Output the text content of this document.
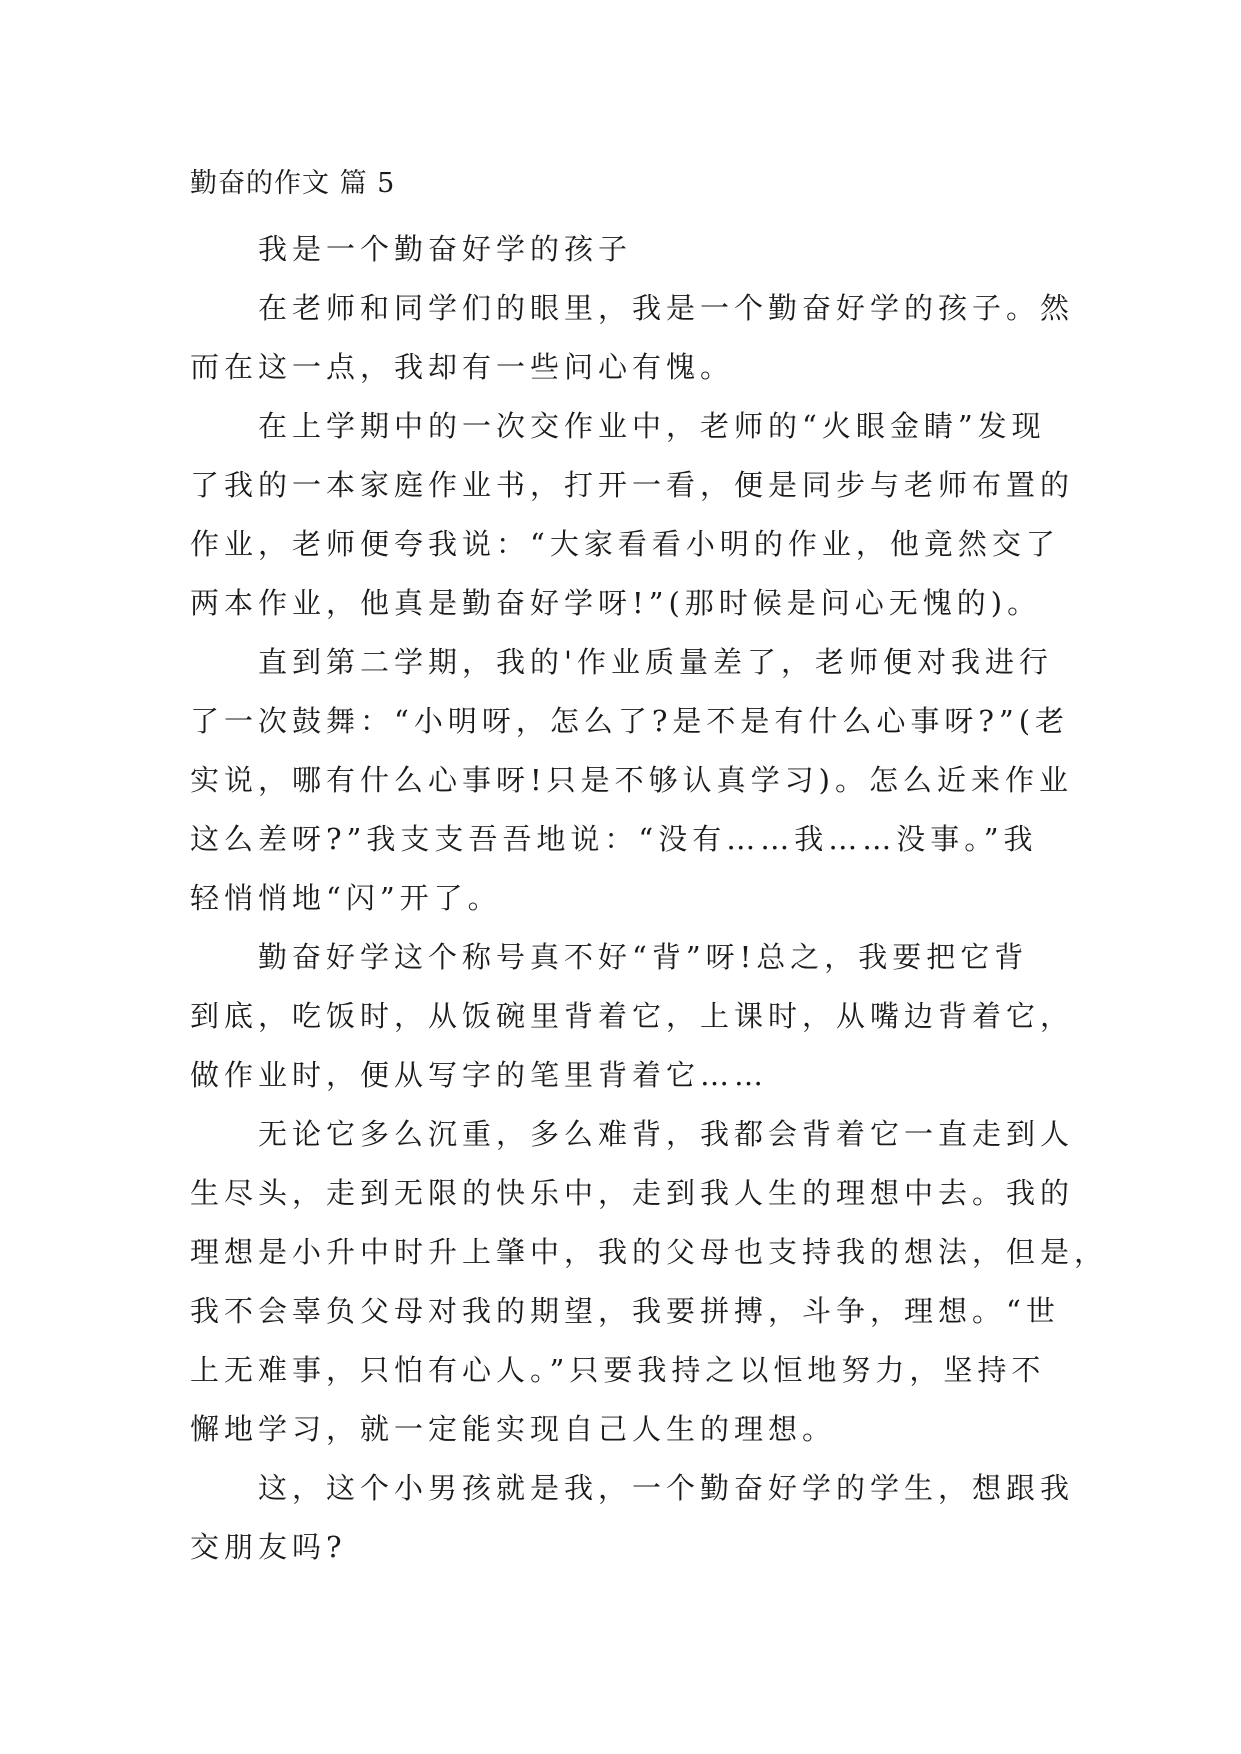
勤奋的作文 篇 5

我是一个勤奋好学的孩子

在老师和同学们的眼里，我是一个勤奋好学的孩子。然
而在这一点，我却有一些问心有愧。

在上学期中的一次交作业中，老师的“火眼金睛”发现
了我的一本家庭作业书，打开一看，便是同步与老师布置的
作业，老师便夸我说：“大家看看小明的作业，他竟然交了
两本作业，他真是勤奋好学呀!”(那时候是问心无愧的)。

直到第二学期，我的'作业质量差了，老师便对我进行
了一次鼓舞：“小明呀，怎么了?是不是有什么心事呀?”(老
实说，哪有什么心事呀!只是不够认真学习)。怎么近来作业
这么差呀?”我支支吾吾地说：“没有……我……没事。”我
轻悄悄地“闪”开了。

勤奋好学这个称号真不好“背”呀!总之，我要把它背
到底，吃饭时，从饭碗里背着它，上课时，从嘴边背着它，
做作业时，便从写字的笔里背着它……

无论它多么沉重，多么难背，我都会背着它一直走到人
生尽头，走到无限的快乐中，走到我人生的理想中去。我的
理想是小升中时升上肇中，我的父母也支持我的想法，但是，
我不会辜负父母对我的期望，我要拼搏，斗争，理想。“世
上无难事，只怕有心人。”只要我持之以恒地努力，坚持不
懈地学习，就一定能实现自己人生的理想。

这，这个小男孩就是我，一个勤奋好学的学生，想跟我
交朋友吗?
